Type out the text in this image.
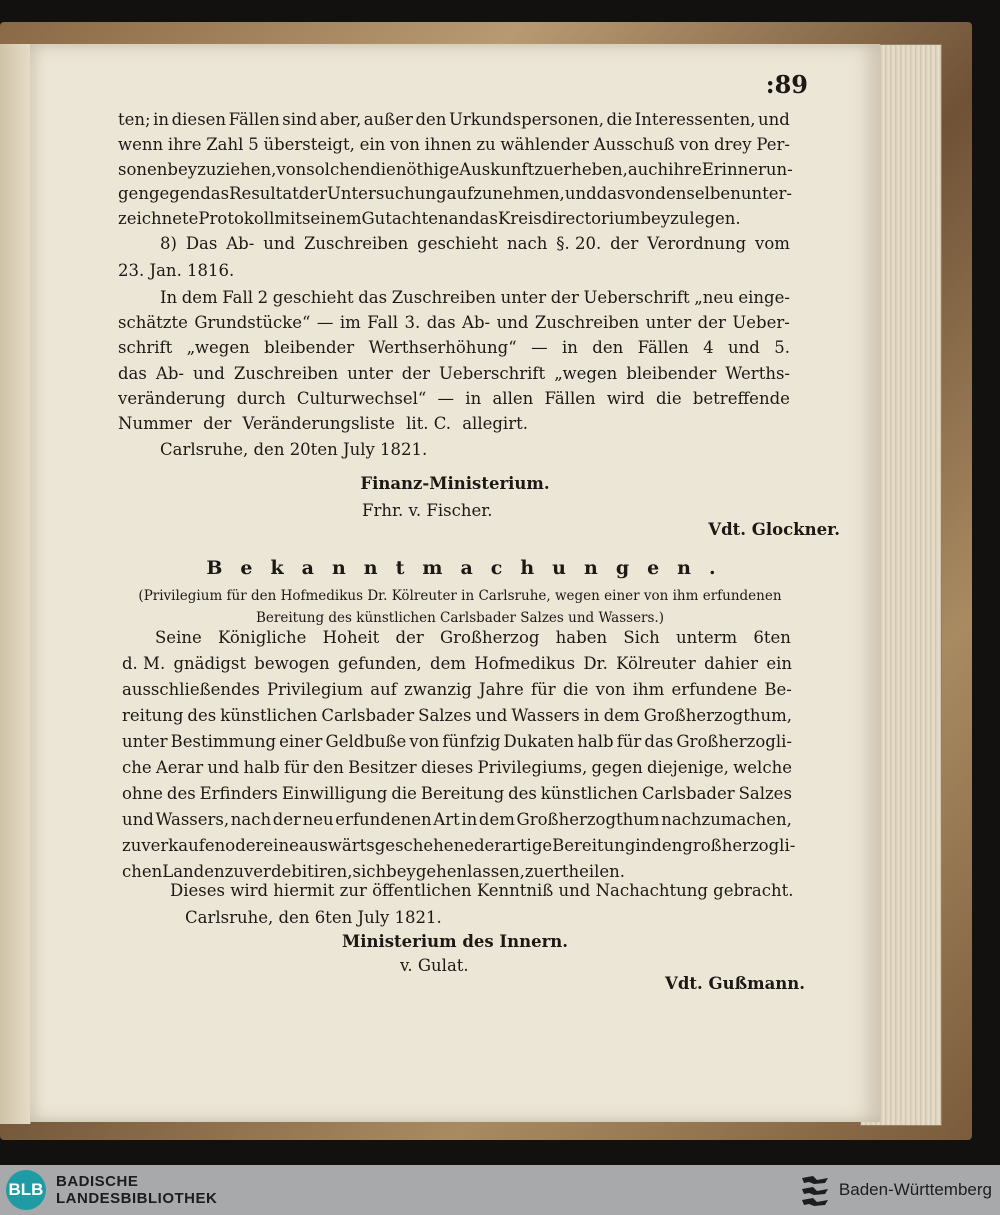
:89
ten; in diesen Fällen sind aber, außer den Urkundspersonen, die Interessenten, und
wenn ihre Zahl 5 übersteigt, ein von ihnen zu wählender Ausschuß von drey Per-
sonen beyzuziehen, von solchen die nöthige Auskunft zu erheben, auch ihre Erinnerun-
gen gegen das Resultat der Untersuchung aufzunehmen, und das von denselben unter-
zeichnete Protokoll mit seinem Gutachten an das Kreisdirectorium beyzulegen.
8) Das Ab- und Zuschreiben geschieht nach §. 20. der Verordnung vom
23. Jan. 1816.
In dem Fall 2 geschieht das Zuschreiben unter der Ueberschrift „neu einge-
schätzte Grundstücke“ — im Fall 3. das Ab- und Zuschreiben unter der Ueber-
schrift „wegen bleibender Werthserhöhung“ — in den Fällen 4 und 5.
das Ab- und Zuschreiben unter der Ueberschrift „wegen bleibender Werths-
veränderung durch Culturwechsel“ — in allen Fällen wird die betreffende
Nummer der Veränderungsliste lit. C. allegirt.
Carlsruhe, den 20ten July 1821.
Finanz-Ministerium.
Frhr. v. Fischer.
Vdt. Glockner.
Bekanntmachungen.
(Privilegium für den Hofmedikus Dr. Kölreuter in Carlsruhe, wegen einer von ihm erfundenen
Bereitung des künstlichen Carlsbader Salzes und Wassers.)
Seine Königliche Hoheit der Großherzog haben Sich unterm 6ten
d. M. gnädigst bewogen gefunden, dem Hofmedikus Dr. Kölreuter dahier ein
ausschließendes Privilegium auf zwanzig Jahre für die von ihm erfundene Be-
reitung des künstlichen Carlsbader Salzes und Wassers in dem Großherzogthum,
unter Bestimmung einer Geldbuße von fünfzig Dukaten halb für das Großherzogli-
che Aerar und halb für den Besitzer dieses Privilegiums, gegen diejenige, welche
ohne des Erfinders Einwilligung die Bereitung des künstlichen Carlsbader Salzes
und Wassers, nach der neu erfundenen Art in dem Großherzogthum nachzumachen,
zu verkaufen oder eine auswärts geschehene derartige Bereitung in den großherzogli-
chen Landen zu verdebitiren, sich beygehen lassen, zu ertheilen.
Dieses wird hiermit zur öffentlichen Kenntniß und Nachachtung gebracht.
Carlsruhe, den 6ten July 1821.
Ministerium des Innern.
v. Gulat.
Vdt. Gußmann.
BLB BADISCHE
LANDESBIBLIOTHEK	Baden-Württemberg
